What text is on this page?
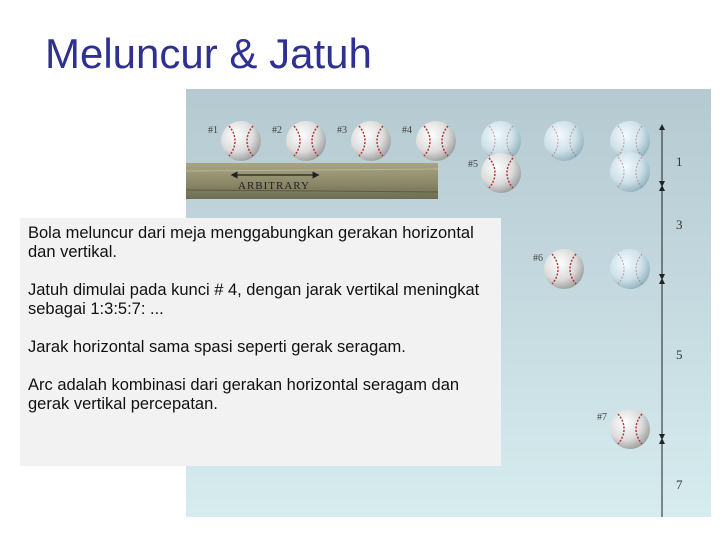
Meluncur & Jatuh
ARBITRARY
#1	#2	#3	#4
#5
#6
#7
1
3
5
7

Bola meluncur dari meja menggabungkan gerakan horizontal dan vertikal.

Jatuh dimulai pada kunci # 4, dengan jarak vertikal meningkat sebagai 1:3:5:7: ...

Jarak horizontal sama spasi seperti gerak seragam.

Arc adalah kombinasi dari gerakan horizontal seragam dan gerak vertikal percepatan.
